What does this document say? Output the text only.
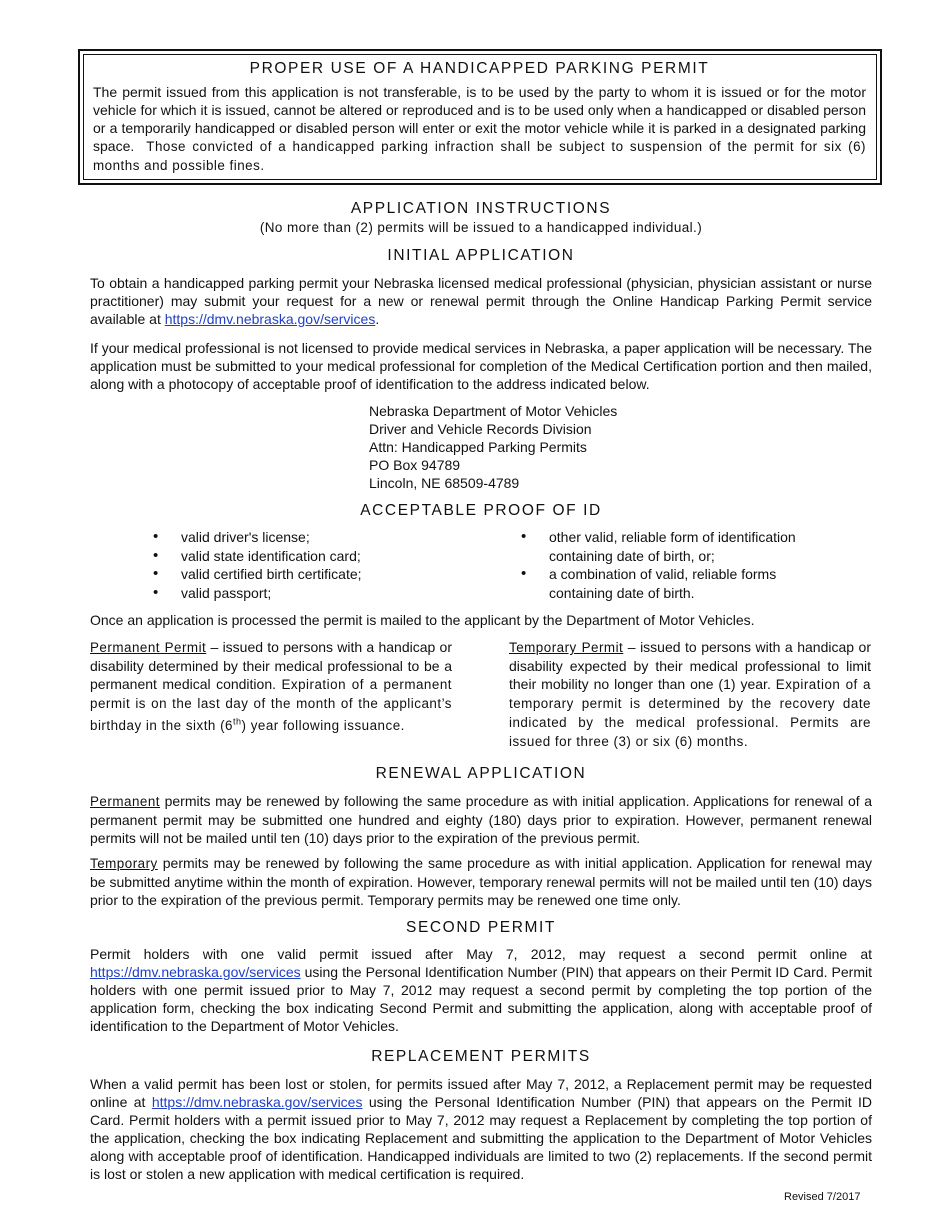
PROPER USE OF A HANDICAPPED PARKING PERMIT

The permit issued from this application is not transferable, is to be used by the party to whom it is issued or for the motor vehicle for which it is issued, cannot be altered or reproduced and is to be used only when a handicapped or disabled person or a temporarily handicapped or disabled person will enter or exit the motor vehicle while it is parked in a designated parking space. Those convicted of a handicapped parking infraction shall be subject to suspension of the permit for six (6) months and possible fines.

APPLICATION INSTRUCTIONS
(No more than (2) permits will be issued to a handicapped individual.)
INITIAL APPLICATION

To obtain a handicapped parking permit your Nebraska licensed medical professional (physician, physician assistant or nurse practitioner) may submit your request for a new or renewal permit through the Online Handicap Parking Permit service available at https://dmv.nebraska.gov/services.

If your medical professional is not licensed to provide medical services in Nebraska, a paper application will be necessary. The application must be submitted to your medical professional for completion of the Medical Certification portion and then mailed, along with a photocopy of acceptable proof of identification to the address indicated below.

Nebraska Department of Motor Vehicles
Driver and Vehicle Records Division
Attn: Handicapped Parking Permits
PO Box 94789
Lincoln, NE 68509-4789
ACCEPTABLE PROOF OF ID
• valid driver's license;
• valid state identification card;
• valid certified birth certificate;
• valid passport;
• other valid, reliable form of identification containing date of birth, or;
• a combination of valid, reliable forms containing date of birth.

Once an application is processed the permit is mailed to the applicant by the Department of Motor Vehicles.

Permanent Permit – issued to persons with a handicap or disability determined by their medical professional to be a permanent medical condition. Expiration of a permanent permit is on the last day of the month of the applicant’s birthday in the sixth (6th) year following issuance.
Temporary Permit – issued to persons with a handicap or disability expected by their medical professional to limit their mobility no longer than one (1) year. Expiration of a temporary permit is determined by the recovery date indicated by the medical professional. Permits are issued for three (3) or six (6) months.
RENEWAL APPLICATION

Permanent permits may be renewed by following the same procedure as with initial application. Applications for renewal of a permanent permit may be submitted one hundred and eighty (180) days prior to expiration. However, permanent renewal permits will not be mailed until ten (10) days prior to the expiration of the previous permit.

Temporary permits may be renewed by following the same procedure as with initial application. Application for renewal may be submitted anytime within the month of expiration. However, temporary renewal permits will not be mailed until ten (10) days prior to the expiration of the previous permit. Temporary permits may be renewed one time only.

SECOND PERMIT

Permit holders with one valid permit issued after May 7, 2012, may request a second permit online at https://dmv.nebraska.gov/services using the Personal Identification Number (PIN) that appears on their Permit ID Card. Permit holders with one permit issued prior to May 7, 2012 may request a second permit by completing the top portion of the application form, checking the box indicating Second Permit and submitting the application, along with acceptable proof of identification to the Department of Motor Vehicles.

REPLACEMENT PERMITS

When a valid permit has been lost or stolen, for permits issued after May 7, 2012, a Replacement permit may be requested online at https://dmv.nebraska.gov/services using the Personal Identification Number (PIN) that appears on the Permit ID Card. Permit holders with a permit issued prior to May 7, 2012 may request a Replacement by completing the top portion of the application, checking the box indicating Replacement and submitting the application to the Department of Motor Vehicles along with acceptable proof of identification. Handicapped individuals are limited to two (2) replacements. If the second permit is lost or stolen a new application with medical certification is required.

Revised 7/2017
